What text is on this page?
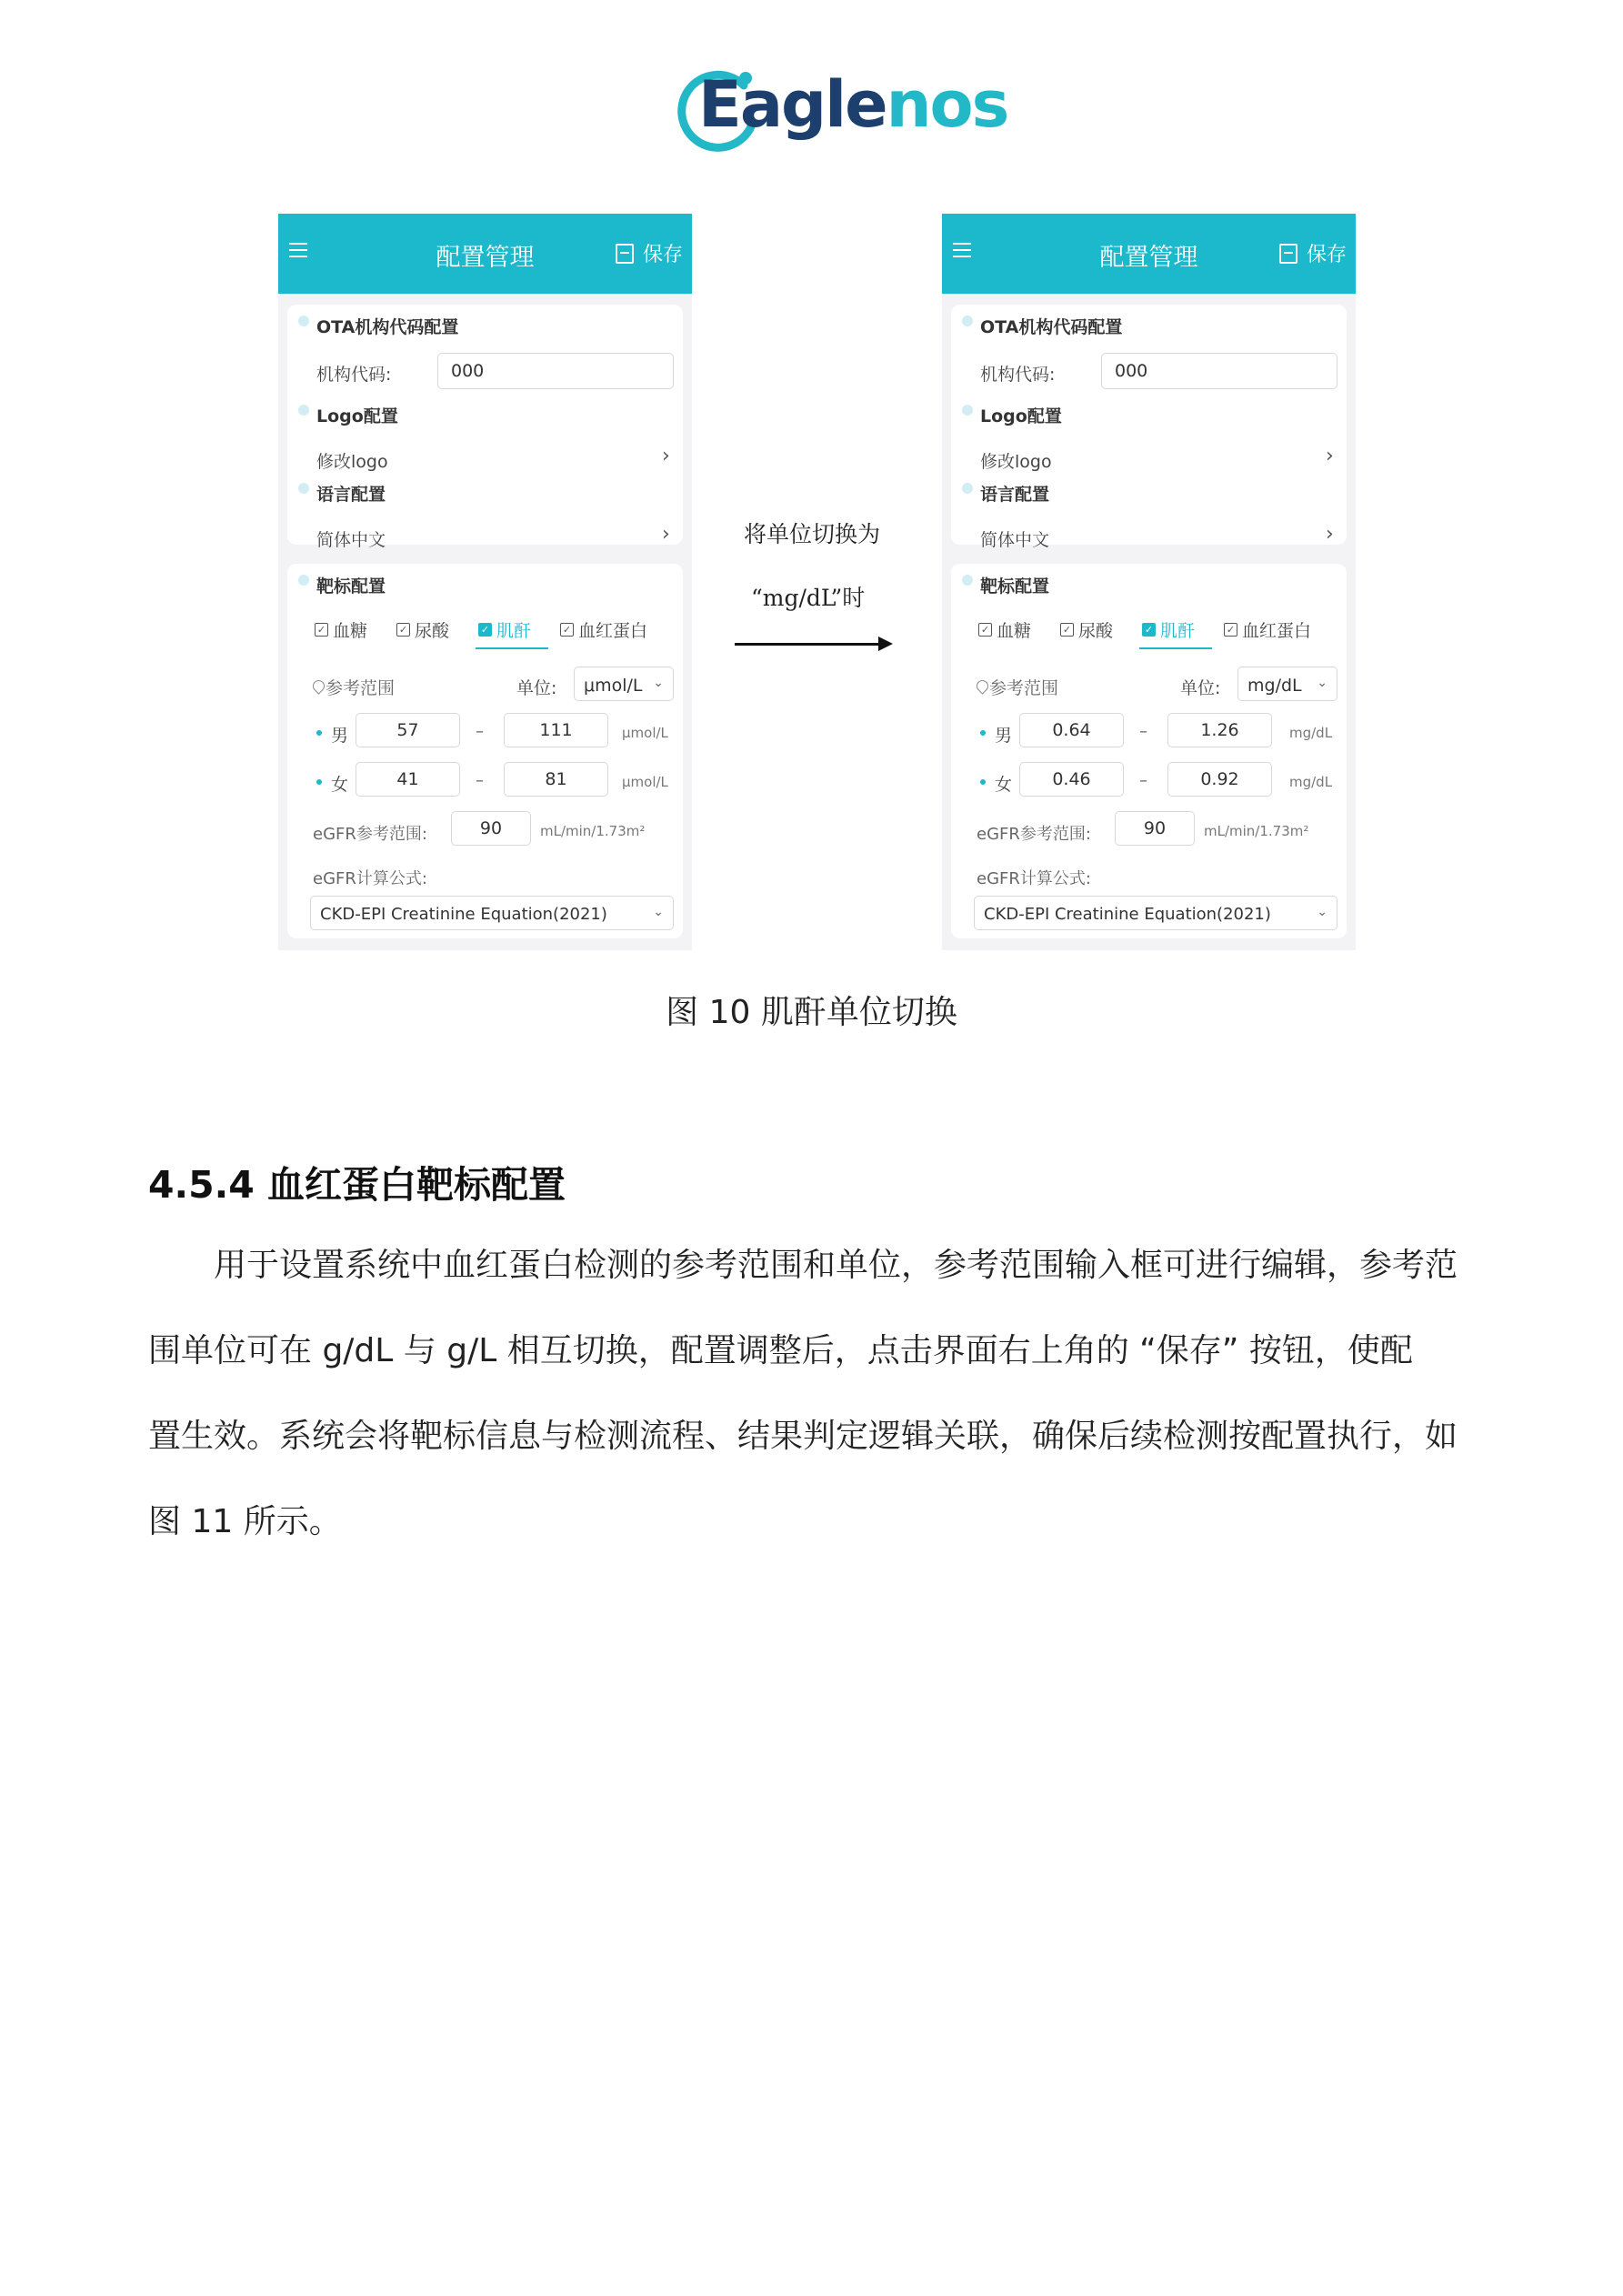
Eaglenos
配置管理	保存
OTA机构代码配置
机构代码:	000
Logo配置
修改logo	›
语言配置
简体中文	›
靶标配置
✓ 血糖	✓ 尿酸	✓ 肌酐	✓ 血红蛋白
参考范围	单位:	μmol/L ⌄
男	57	–	111	μmol/L
女	41	–	81	μmol/L
eGFR参考范围:	90	mL/min/1.73m²
eGFR计算公式:
CKD-EPI Creatinine Equation(2021)	⌄
将单位切换为
“mg/dL”时
配置管理	保存
OTA机构代码配置
机构代码:	000
Logo配置
修改logo	›
语言配置
简体中文	›
靶标配置
✓ 血糖	✓ 尿酸	✓ 肌酐	✓ 血红蛋白
参考范围	单位:	mg/dL ⌄
男	0.64	–	1.26	mg/dL
女	0.46	–	0.92	mg/dL
eGFR参考范围:	90	mL/min/1.73m²
eGFR计算公式:
CKD-EPI Creatinine Equation(2021)	⌄
图 10 肌酐单位切换
4.5.4 血红蛋白靶标配置

用于设置系统中血红蛋白检测的参考范围和单位，参考范围输入框可进行编辑，参考范

围单位可在 g/dL 与 g/L 相互切换，配置调整后，点击界面右上角的 “保存” 按钮，使配

置生效。系统会将靶标信息与检测流程、结果判定逻辑关联，确保后续检测按配置执行，如

图 11 所示。
